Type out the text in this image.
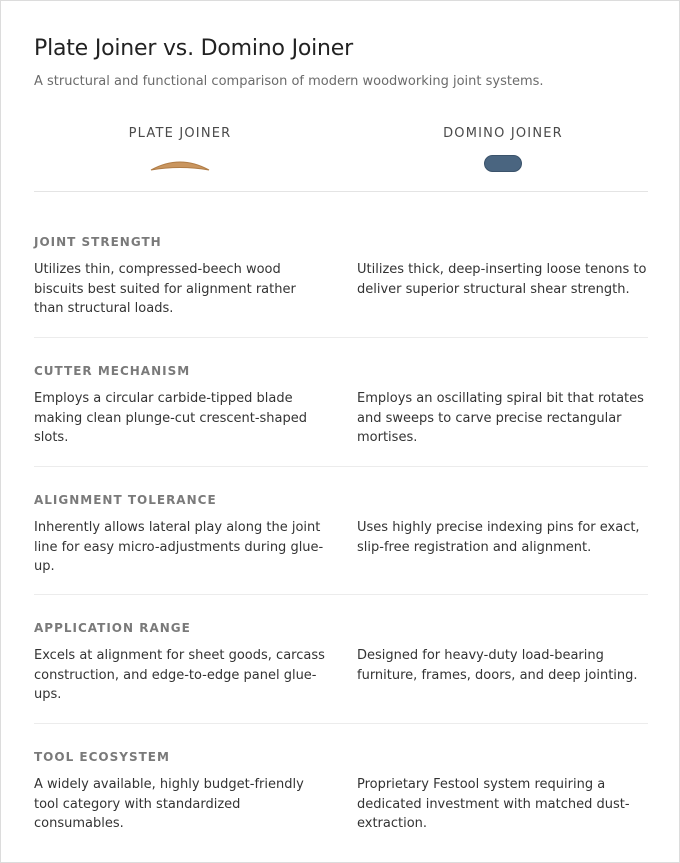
Plate Joiner vs. Domino Joiner

A structural and functional comparison of modern woodworking joint systems.

PLATE JOINER	DOMINO JOINER
JOINT STRENGTH
Utilizes thin, compressed-beech wood biscuits best suited for alignment rather than structural loads.
Utilizes thick, deep-inserting loose tenons to deliver superior structural shear strength.
CUTTER MECHANISM
Employs a circular carbide-tipped blade making clean plunge-cut crescent-shaped slots.
Employs an oscillating spiral bit that rotates and sweeps to carve precise rectangular mortises.
ALIGNMENT TOLERANCE
Inherently allows lateral play along the joint line for easy micro-adjustments during glue-up.
Uses highly precise indexing pins for exact, slip-free registration and alignment.
APPLICATION RANGE
Excels at alignment for sheet goods, carcass construction, and edge-to-edge panel glue-ups.
Designed for heavy-duty load-bearing furniture, frames, doors, and deep jointing.
TOOL ECOSYSTEM
A widely available, highly budget-friendly tool category with standardized consumables.
Proprietary Festool system requiring a dedicated investment with matched dust-extraction.
